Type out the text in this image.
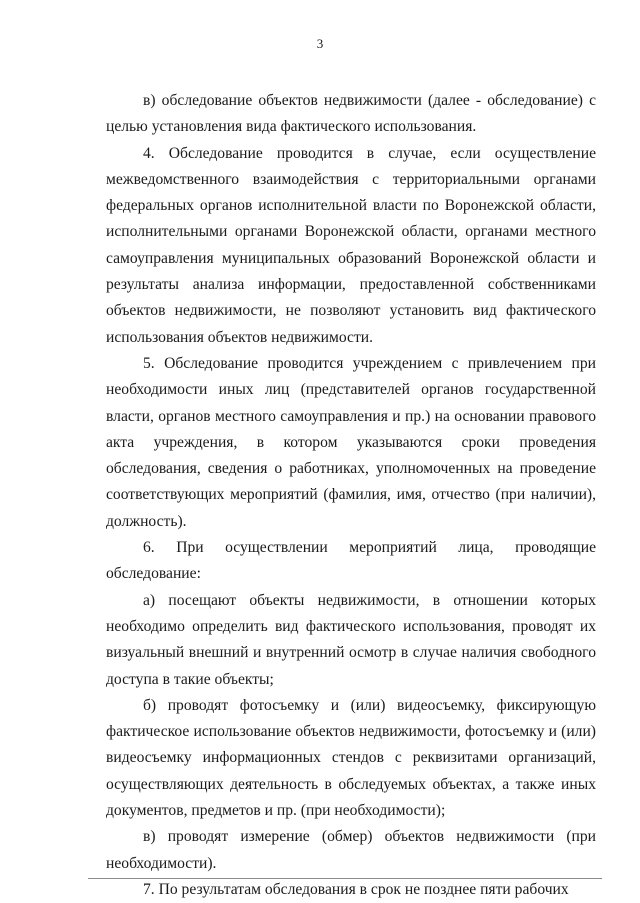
3

в) обследование объектов недвижимости (далее - обследование) с целью установления вида фактического использования.

4. Обследование проводится в случае, если осуществление межведомственного взаимодействия с территориальными органами федеральных органов исполнительной власти по Воронежской области, исполнительными органами Воронежской области, органами местного самоуправления муниципальных образований Воронежской области и результаты анализа информации, предоставленной собственниками объектов недвижимости, не позволяют установить вид фактического использования объектов недвижимости.

5. Обследование проводится учреждением с привлечением при необходимости иных лиц (представителей органов государственной власти, органов местного самоуправления и пр.) на основании правового акта учреждения, в котором указываются сроки проведения обследования, сведения о работниках, уполномоченных на проведение соответствующих мероприятий (фамилия, имя, отчество (при наличии), должность).

6. При осуществлении мероприятий лица, проводящие обследование:

а) посещают объекты недвижимости, в отношении которых необходимо определить вид фактического использования, проводят их визуальный внешний и внутренний осмотр в случае наличия свободного доступа в такие объекты;

б) проводят фотосъемку и (или) видеосъемку, фиксирующую фактическое использование объектов недвижимости, фотосъемку и (или) видеосъемку информационных стендов с реквизитами организаций, осуществляющих деятельность в обследуемых объектах, а также иных документов, предметов и пр. (при необходимости);

в) проводят измерение (обмер) объектов недвижимости (при необходимости).

7. По результатам обследования в срок не позднее пяти рабочих
